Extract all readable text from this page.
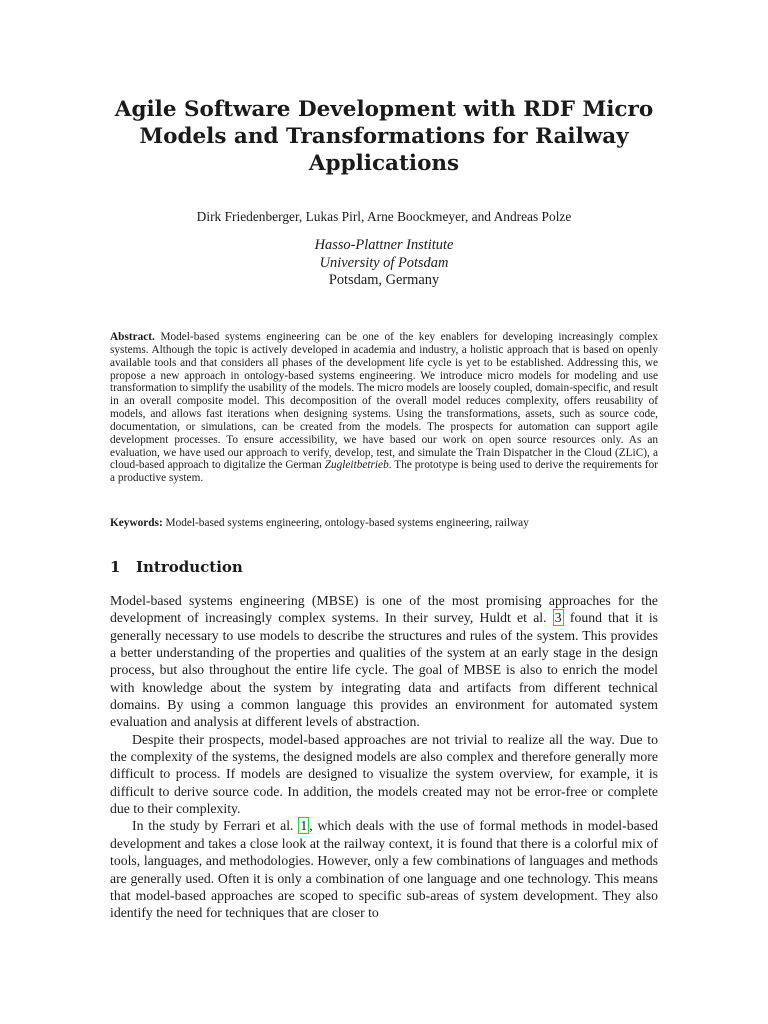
Agile Software Development with RDF Micro Models and Transformations for Railway Applications
Dirk Friedenberger, Lukas Pirl, Arne Boockmeyer, and Andreas Polze
Hasso-Plattner Institute
University of Potsdam
Potsdam, Germany
Abstract. Model-based systems engineering can be one of the key enablers for developing increasingly complex systems. Although the topic is actively developed in academia and industry, a holistic approach that is based on openly available tools and that considers all phases of the development life cycle is yet to be established. Addressing this, we propose a new approach in ontology-based systems engineering. We introduce micro models for modeling and use transformation to simplify the usability of the models. The micro models are loosely coupled, domain-specific, and result in an overall composite model. This decomposition of the overall model reduces complexity, offers reusability of models, and allows fast iterations when designing systems. Using the transformations, assets, such as source code, documentation, or simulations, can be created from the models. The prospects for automation can support agile development processes. To ensure accessibility, we have based our work on open source resources only. As an evaluation, we have used our approach to verify, develop, test, and simulate the Train Dispatcher in the Cloud (ZLiC), a cloud-based approach to digitalize the German Zugleitbetrieb. The prototype is being used to derive the requirements for a productive system.
Keywords: Model-based systems engineering, ontology-based systems engineering, railway
1 Introduction

Model-based systems engineering (MBSE) is one of the most promising approaches for the development of increasingly complex systems. In their survey, Huldt et al. 3 found that it is generally necessary to use models to describe the structures and rules of the system. This provides a better understanding of the properties and qualities of the system at an early stage in the design process, but also throughout the entire life cycle. The goal of MBSE is also to enrich the model with knowledge about the system by integrating data and artifacts from different technical domains. By using a common language this provides an environment for automated system evaluation and analysis at different levels of abstraction.

Despite their prospects, model-based approaches are not trivial to realize all the way. Due to the complexity of the systems, the designed models are also complex and therefore generally more difficult to process. If models are designed to visualize the system overview, for example, it is difficult to derive source code. In addition, the models created may not be error-free or complete due to their complexity.

In the study by Ferrari et al. 1 , which deals with the use of formal methods in model-based development and takes a close look at the railway context, it is found that there is a colorful mix of tools, languages, and methodologies. However, only a few combinations of languages and methods are generally used. Often it is only a combination of one language and one technology. This means that model-based approaches are scoped to specific sub-areas of system development. They also identify the need for techniques that are closer to
